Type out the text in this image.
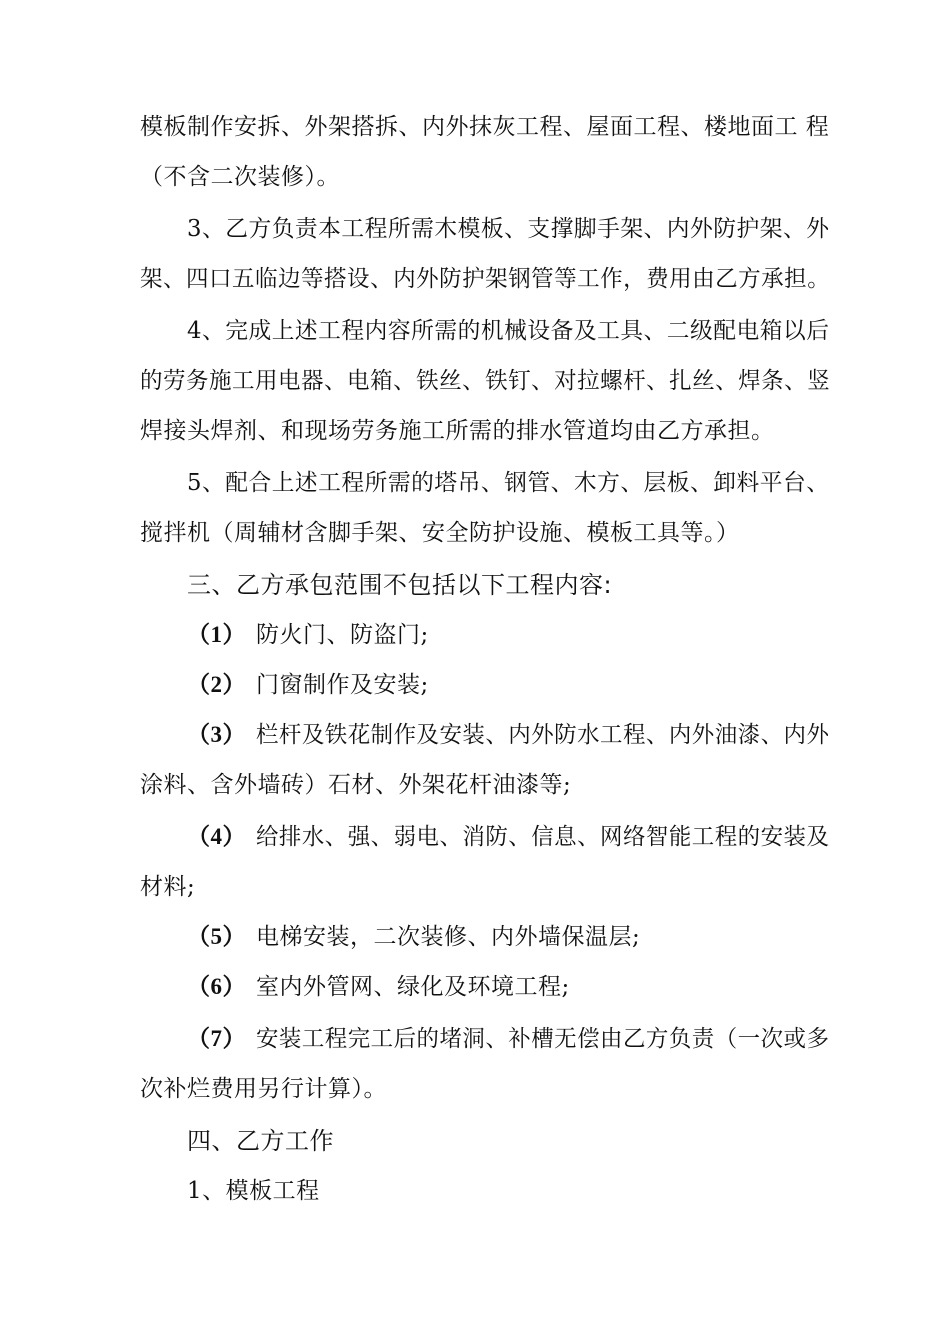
模板制作安拆、外架搭拆、内外抹灰工程、屋面工程、楼地面工 程
（不含二次装修）。
3、乙方负责本工程所需木模板、支撑脚手架、内外防护架、外
架、四口五临边等搭设、内外防护架钢管等工作，费用由乙方承担。
4、完成上述工程内容所需的机械设备及工具、二级配电箱以后
的劳务施工用电器、电箱、铁丝、铁钉、对拉螺杆、扎丝、焊条、竖
焊接头焊剂、和现场劳务施工所需的排水管道均由乙方承担。
5、配合上述工程所需的塔吊、钢管、木方、层板、卸料平台、
搅拌机（周辅材含脚手架、安全防护设施、模板工具等。）
三、乙方承包范围不包括以下工程内容:
（1） 防火门、防盗门;
（2） 门窗制作及安装;
（3） 栏杆及铁花制作及安装、内外防水工程、内外油漆、内外
涂料、含外墙砖）石材、外架花杆油漆等;
（4） 给排水、强、弱电、消防、信息、网络智能工程的安装及
材料;
（5） 电梯安装，二次装修、内外墙保温层;
（6） 室内外管网、绿化及环境工程;
（7） 安装工程完工后的堵洞、补槽无偿由乙方负责（一次或多
次补烂费用另行计算）。
四、乙方工作
1、模板工程
